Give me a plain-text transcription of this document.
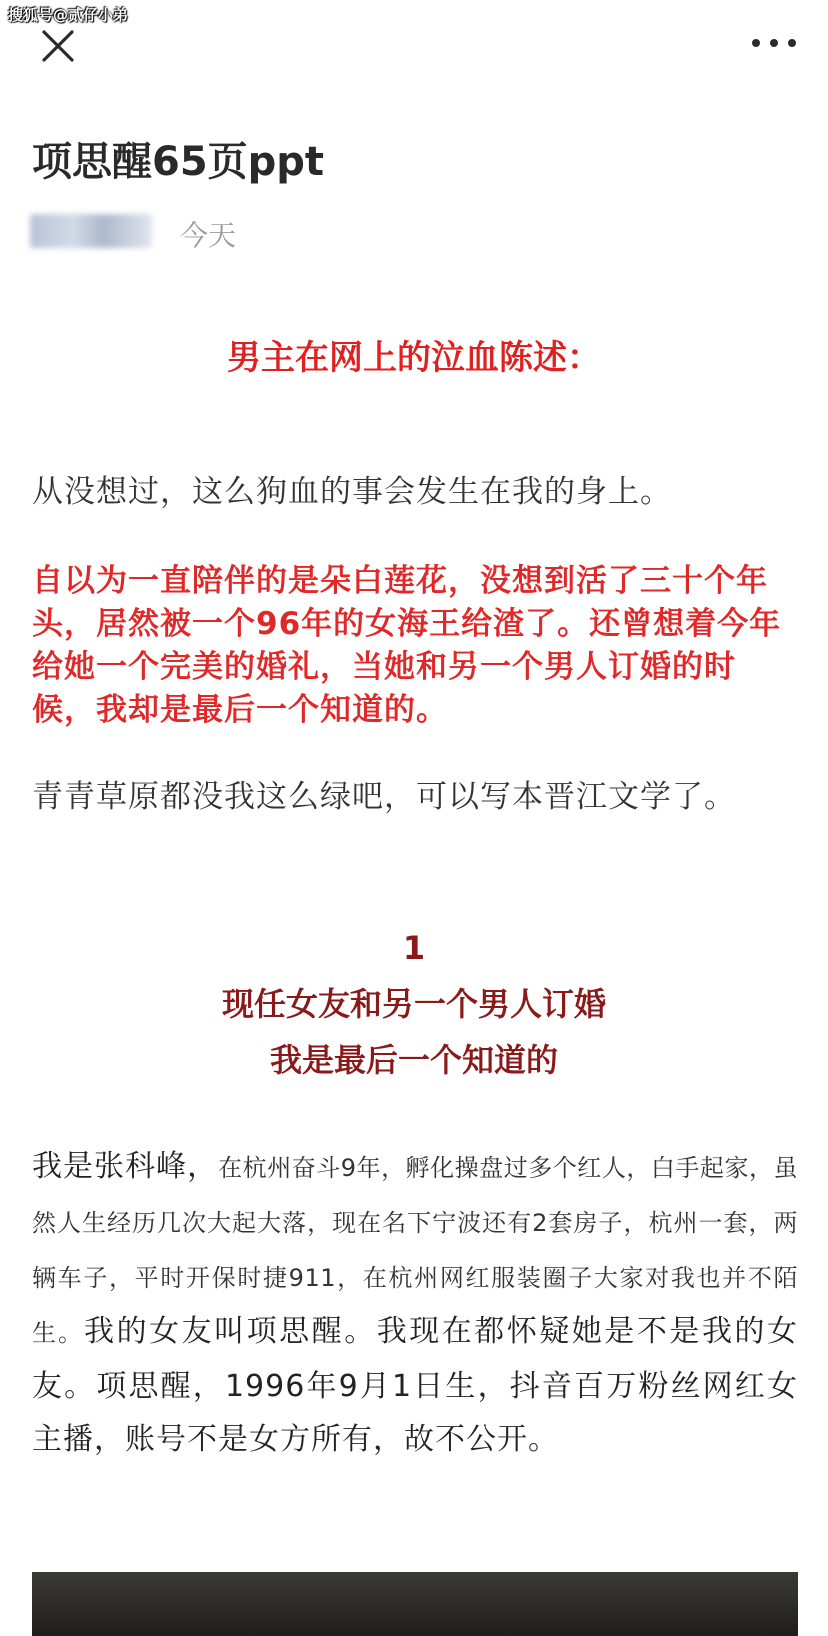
搜狐号@贰仔小弟
项思醒65页ppt
今天
男主在网上的泣血陈述：
从没想过，这么狗血的事会发生在我的身上。
自以为一直陪伴的是朵白莲花，没想到活了三十个年头，居然被一个96年的女海王给渣了。还曾想着今年给她一个完美的婚礼，当她和另一个男人订婚的时候，我却是最后一个知道的。
青青草原都没我这么绿吧，可以写本晋江文学了。
1
现任女友和另一个男人订婚
我是最后一个知道的
我是张科峰，在杭州奋斗9年，孵化操盘过多个红人，白手起家，虽然人生经历几次大起大落，现在名下宁波还有2套房子，杭州一套，两辆车子，平时开保时捷911，在杭州网红服装圈子大家对我也并不陌生。我的女友叫项思醒。我现在都怀疑她是不是我的女友。项思醒，1996年9月1日生，抖音百万粉丝网红女主播，账号不是女方所有，故不公开。
